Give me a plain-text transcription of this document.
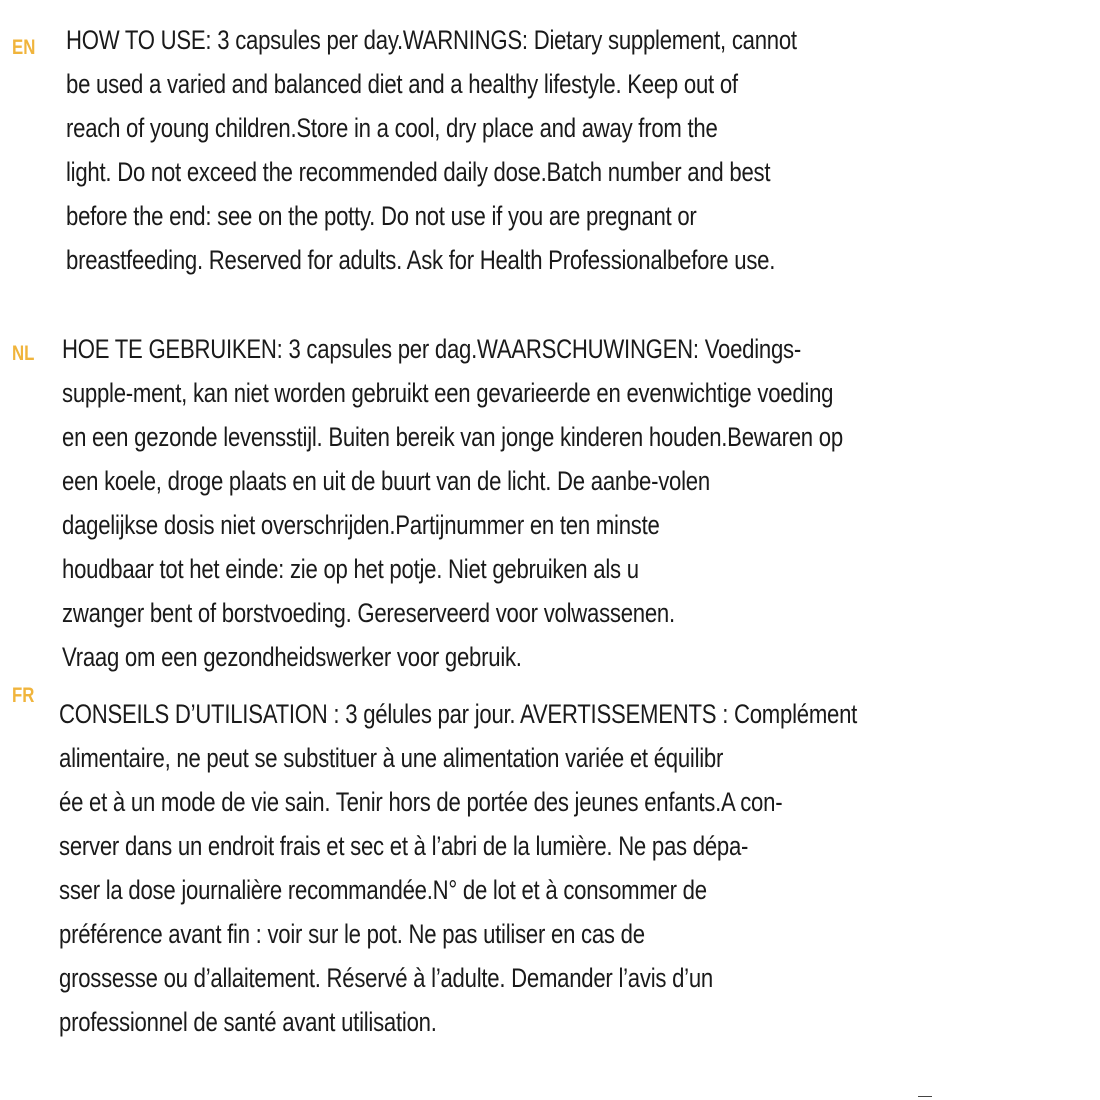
EN HOW TO USE: 3 capsules per day.WARNINGS: Dietary supplement, cannot
be used a varied and balanced diet and a healthy lifestyle. Keep out of
reach of young children.Store in a cool, dry place and away from the
light. Do not exceed the recommended daily dose.Batch number and best
before the end: see on the potty. Do not use if you are pregnant or
breastfeeding. Reserved for adults. Ask for Health Professionalbefore use.
NL HOE TE GEBRUIKEN: 3 capsules per dag.WAARSCHUWINGEN: Voedings-
supple-ment, kan niet worden gebruikt een gevarieerde en evenwichtige voeding
en een gezonde levensstijl. Buiten bereik van jonge kinderen houden.Bewaren op
een koele, droge plaats en uit de buurt van de licht. De aanbe-volen
dagelijkse dosis niet overschrijden.Partijnummer en ten minste
houdbaar tot het einde: zie op het potje. Niet gebruiken als u
zwanger bent of borstvoeding. Gereserveerd voor volwassenen.
Vraag om een gezondheidswerker voor gebruik.
FR
CONSEILS D’UTILISATION : 3 gélules par jour. AVERTISSEMENTS : Complément
alimentaire, ne peut se substituer à une alimentation variée et équilibr
ée et à un mode de vie sain. Tenir hors de portée des jeunes enfants.A con-
server dans un endroit frais et sec et à l’abri de la lumière. Ne pas dépa-
sser la dose journalière recommandée.N° de lot et à consommer de
préférence avant fin : voir sur le pot. Ne pas utiliser en cas de
grossesse ou d’allaitement. Réservé à l’adulte. Demander l’avis d’un
professionnel de santé avant utilisation.
